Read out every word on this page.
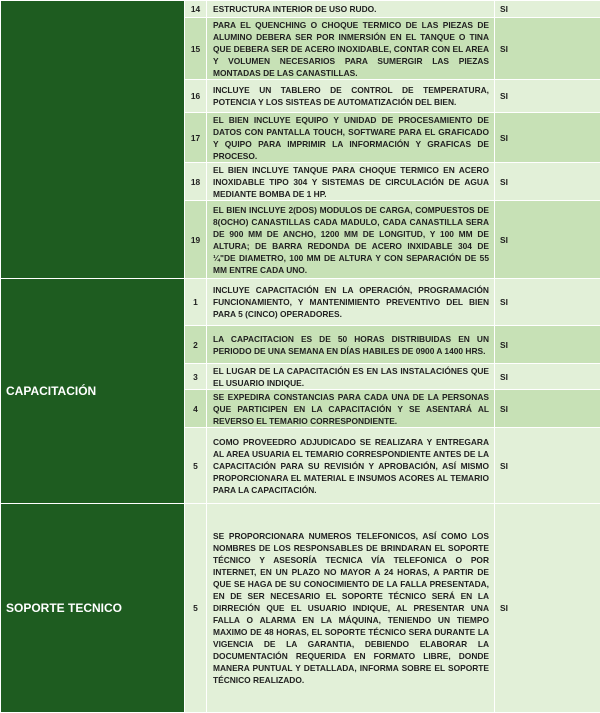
	14	ESTRUCTURA INTERIOR DE USO RUDO.	SI
	15	PARA EL QUENCHING O CHOQUE TERMICO DE LAS PIEZAS DE ALUMINO DEBERA SER POR INMERSIÓN EN EL TANQUE O TINA QUE DEBERA SER DE ACERO INOXIDABLE, CONTAR CON EL AREA Y VOLUMEN NECESARIOS PARA SUMERGIR LAS PIEZAS MONTADAS DE LAS CANASTILLAS.	SI
	16	INCLUYE UN TABLERO DE CONTROL DE TEMPERATURA, POTENCIA Y LOS SISTEAS DE AUTOMATIZACIÓN DEL BIEN.	SI
	17	EL BIEN INCLUYE EQUIPO Y UNIDAD DE PROCESAMIENTO DE DATOS CON PANTALLA TOUCH, SOFTWARE PARA EL GRAFICADO Y QUIPO PARA IMPRIMIR LA INFORMACIÓN Y GRAFICAS DE PROCESO.	SI
	18	EL BIEN INCLUYE TANQUE PARA CHOQUE TERMICO EN ACERO INOXIDABLE TIPO 304 Y SISTEMAS DE CIRCULACIÓN DE AGUA MEDIANTE BOMBA DE 1 HP.	SI
	19	EL BIEN INCLUYE 2(DOS) MODULOS DE CARGA, COMPUESTOS DE 8(OCHO) CANASTILLAS CADA MADULO, CADA CANASTILLA SERA DE 900 MM DE ANCHO, 1200 MM DE LONGITUD, Y 100 MM DE ALTURA; DE BARRA REDONDA DE ACERO INXIDABLE 304 DE ¼"DE DIAMETRO, 100 MM DE ALTURA Y CON SEPARACIÓN DE 55 MM ENTRE CADA UNO.	SI
CAPACITACIÓN	1	INCLUYE CAPACITACIÓN EN LA OPERACIÓN, PROGRAMACIÓN FUNCIONAMIENTO, Y MANTENIMIENTO PREVENTIVO DEL BIEN PARA 5 (CINCO) OPERADORES.	SI
	2	LA CAPACITACION ES DE 50 HORAS DISTRIBUIDAS EN UN PERIODO DE UNA SEMANA EN DÍAS HABILES DE 0900 A 1400 HRS.	SI
	3	EL LUGAR DE LA CAPACITACIÓN ES EN LAS INSTALACIÓNES QUE EL USUARIO INDIQUE.	SI
	4	SE EXPEDIRA CONSTANCIAS PARA CADA UNA DE LA PERSONAS QUE PARTICIPEN EN LA CAPACITACIÓN Y SE ASENTARÁ AL REVERSO EL TEMARIO CORRESPONDIENTE.	SI
	5	COMO PROVEEDRO ADJUDICADO SE REALIZARA Y ENTREGARA AL AREA USUARIA EL TEMARIO CORRESPONDIENTE ANTES DE LA CAPACITACIÓN PARA SU REVISIÓN Y APROBACIÓN, ASÍ MISMO PROPORCIONARA EL MATERIAL E INSUMOS ACORES AL TEMARIO PARA LA CAPACITACIÓN.	SI
SOPORTE TECNICO	5	SE PROPORCIONARA NUMEROS TELEFONICOS, ASÍ COMO LOS NOMBRES DE LOS RESPONSABLES DE BRINDARAN EL SOPORTE TÉCNICO Y ASESORÍA TECNICA VÍA TELEFONICA O POR INTERNET, EN UN PLAZO NO MAYOR A 24 HORAS, A PARTIR DE QUE SE HAGA DE SU CONOCIMIENTO DE LA FALLA PRESENTADA, EN DE SER NECESARIO EL SOPORTE TÉCNICO SERÁ EN LA DIRRECIÓN QUE EL USUARIO INDIQUE, AL PRESENTAR UNA FALLA O ALARMA EN LA MÁQUINA, TENIENDO UN TIEMPO MAXIMO DE 48 HORAS, EL SOPORTE TÉCNICO SERA DURANTE LA VIGENCIA DE LA GARANTIA, DEBIENDO ELABORAR LA DOCUMENTACIÓN REQUERIDA EN FORMATO LIBRE, DONDE MANERA PUNTUAL Y DETALLADA, INFORMA SOBRE EL SOPORTE TÉCNICO REALIZADO.	SI
